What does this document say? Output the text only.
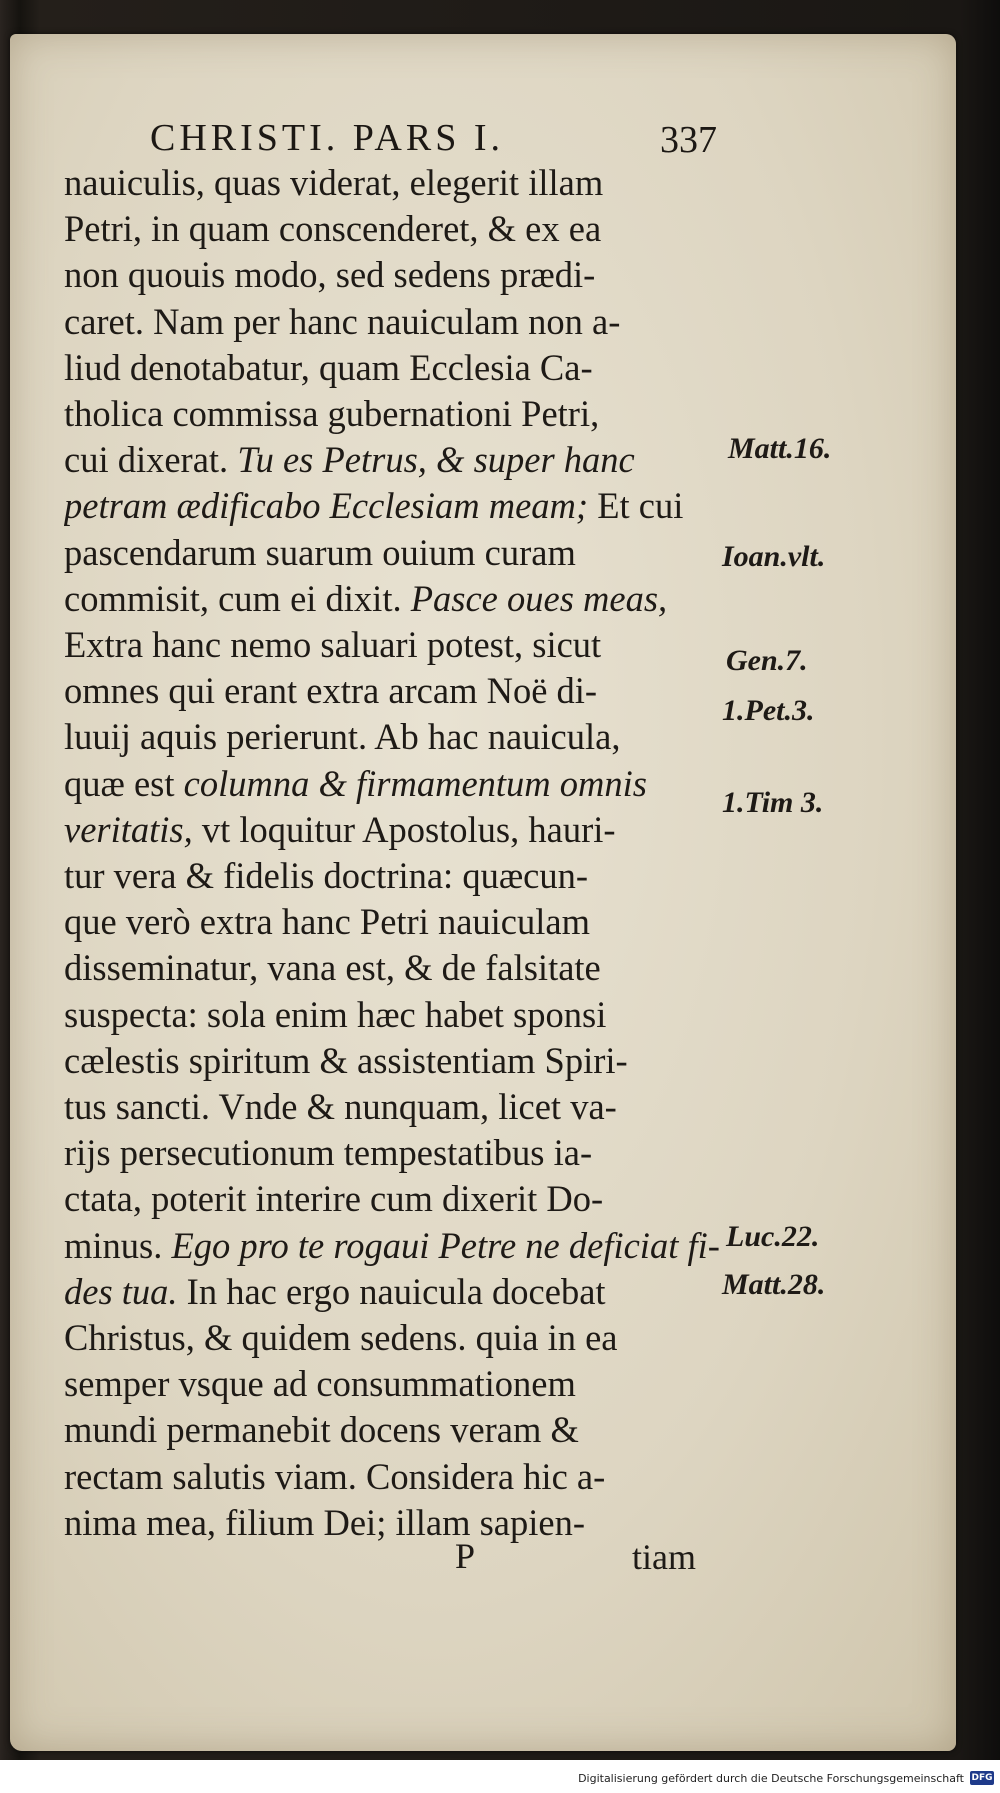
CHRISTI. PARS I.	337
nauiculis, quas viderat, elegerit illam
Petri, in quam conscenderet, & ex ea
non quouis modo, sed sedens prædi-
caret. Nam per hanc nauiculam non a-
liud denotabatur, quam Ecclesia Ca-
tholica commissa gubernationi Petri,
cui dixerat. Tu es Petrus, & super hanc
petram ædificabo Ecclesiam meam; Et cui
pascendarum suarum ouium curam
commisit, cum ei dixit. Pasce oues meas,
Extra hanc nemo saluari potest, sicut
omnes qui erant extra arcam Noë di-
luuij aquis perierunt. Ab hac nauicula,
quæ est columna & firmamentum omnis
veritatis, vt loquitur Apostolus, hauri-
tur vera & fidelis doctrina: quæcun-
que verò extra hanc Petri nauiculam
disseminatur, vana est, & de falsitate
suspecta: sola enim hæc habet sponsi
cælestis spiritum & assistentiam Spiri-
tus sancti. Vnde & nunquam, licet va-
rijs persecutionum tempestatibus ia-
ctata, poterit interire cum dixerit Do-
minus. Ego pro te rogaui Petre ne deficiat fi-
des tua. In hac ergo nauicula docebat
Christus, & quidem sedens. quia in ea
semper vsque ad consummationem
mundi permanebit docens veram &
rectam salutis viam. Considera hic a-
nima mea, filium Dei; illam sapien-
Matt.16.
Ioan.vlt.
Gen.7.
1.Pet.3.
1.Tim 3.
Luc.22.
Matt.28.
P	tiam
Digitalisierung gefördert durch die Deutsche Forschungsgemeinschaft DFG
